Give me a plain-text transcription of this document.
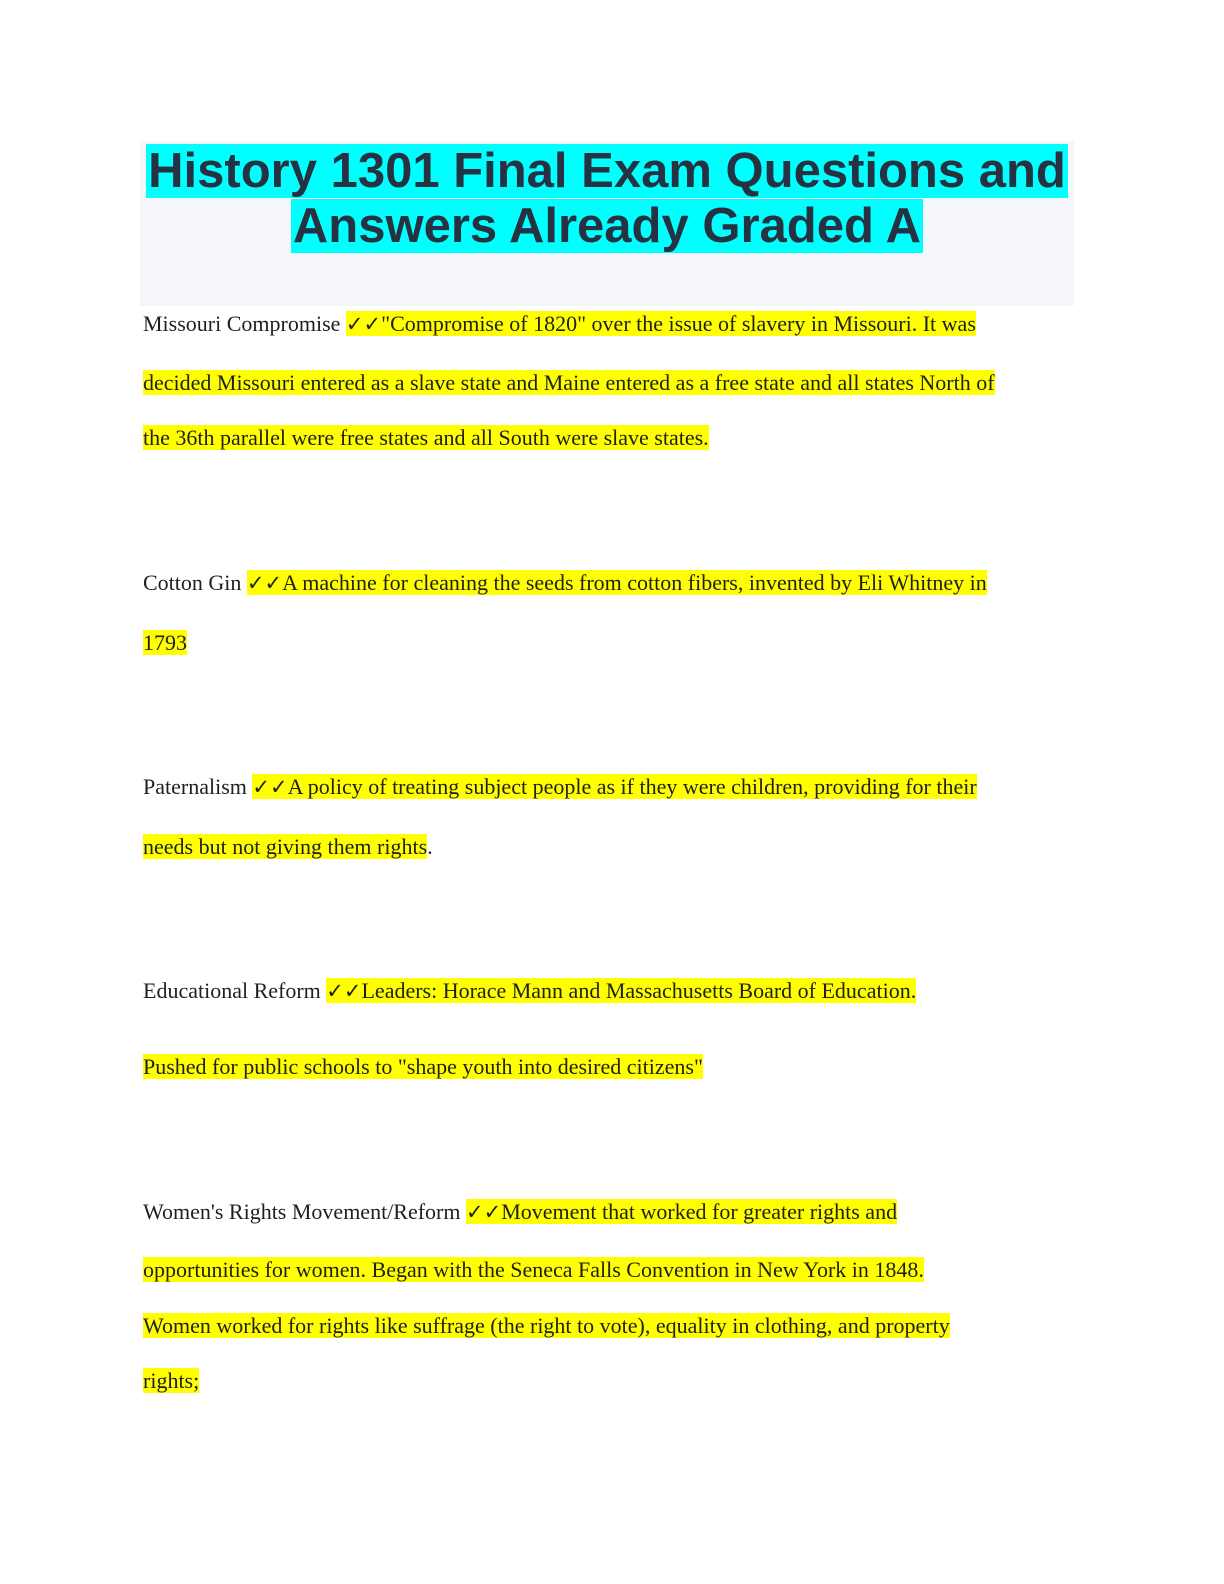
History 1301 Final Exam Questions and
Answers Already Graded A
Missouri Compromise ✓✓"Compromise of 1820" over the issue of slavery in Missouri. It was
decided Missouri entered as a slave state and Maine entered as a free state and all states North of
the 36th parallel were free states and all South were slave states.
Cotton Gin ✓✓A machine for cleaning the seeds from cotton fibers, invented by Eli Whitney in
1793
Paternalism ✓✓A policy of treating subject people as if they were children, providing for their
needs but not giving them rights.
Educational Reform ✓✓Leaders: Horace Mann and Massachusetts Board of Education.
Pushed for public schools to "shape youth into desired citizens"
Women's Rights Movement/Reform ✓✓Movement that worked for greater rights and
opportunities for women. Began with the Seneca Falls Convention in New York in 1848.
Women worked for rights like suffrage (the right to vote), equality in clothing, and property
rights;
